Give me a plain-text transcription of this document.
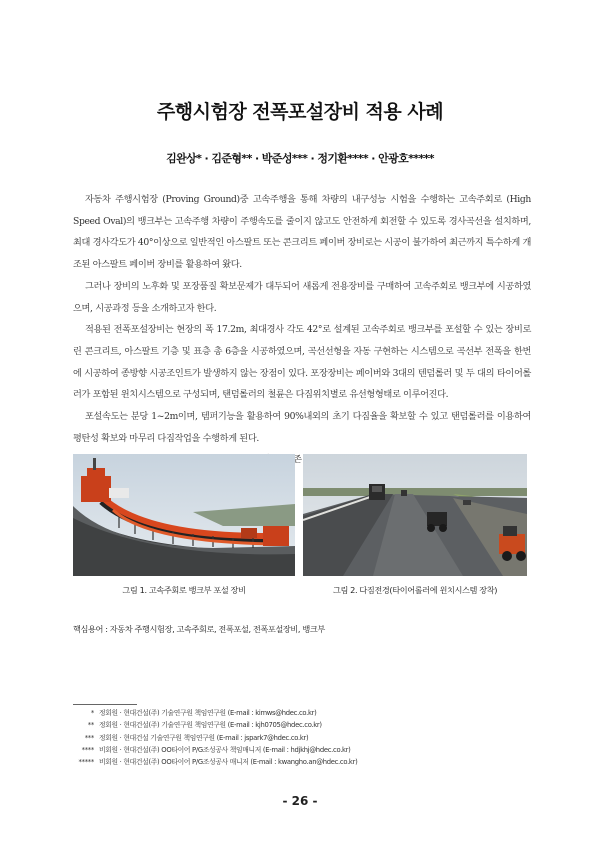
주행시험장 전폭포설장비 적용 사례
김완상* · 김준형** · 박준성*** · 정기환**** · 안광호*****

자동차 주행시험장 (Proving Ground)중 고속주행을 통해 차량의 내구성능 시험을 수행하는 고속주회로 (High Speed Oval)의 뱅크부는 고속주행 차량이 주행속도를 줄이지 않고도 안전하게 회전할 수 있도록 경사곡선을 설치하며, 최대 경사각도가 40°이상으로 일반적인 아스팔트 또는 콘크리트 페이버 장비로는 시공이 불가하여 최근까지 특수하게 개조된 아스팔트 페이버 장비를 활용하여 왔다.

그러나 장비의 노후화 및 포장품질 확보문제가 대두되어 새롭게 전용장비를 구매하여 고속주회로 뱅크부에 시공하였으며, 시공과정 등을 소개하고자 한다.

적용된 전폭포설장비는 현장의 폭 17.2m, 최대경사 각도 42°로 설계된 고속주회로 뱅크부를 포설할 수 있는 장비로 린 콘크리트, 아스팔트 기층 및 표층 총 6층을 시공하였으며, 곡선선형을 자동 구현하는 시스템으로 곡선부 전폭을 한번에 시공하여 종방향 시공조인트가 발생하지 않는 장점이 있다. 포장장비는 페이버와 3대의 텐덤롤러 및 두 대의 타이어롤러가 포함된 윈치시스템으로 구성되며, 탠덤롤러의 철륜은 다짐위치별로 유선형형태로 이루어진다.

포설속도는 분당 1~2m이며, 템퍼기능을 활용하여 90%내외의 초기 다짐율을 확보할 수 있고 탠덤롤러를 이용하여 평탄성 확보와 마무리 다짐작업을 수행하게 된다.

그림 1. 고속주회로 뱅크부 포설 장비	그림 2. 다짐전경(타이어롤러에 윈치시스템 장착)
핵심용어 : 자동차 주행시험장, 고속주회로, 전폭포설, 전폭포설장비, 뱅크부
* 정회원 · 현대건설(주) 기술연구원 책임연구원 (E-mail : kimws@hdec.co.kr)
** 정회원 · 현대건설(주) 기술연구원 책임연구원 (E-mail : kjh0705@hdec.co.kr)
*** 정회원 · 현대건설 기술연구원 책임연구원 (E-mail : jspark7@hdec.co.kr)
**** 비회원 · 현대건설(주) OO타이어 P/G조성공사 책임매니저 (E-mail : hdjkhj@hdec.co.kr)
***** 비회원 · 현대건설(주) OO타이어 P/G조성공사 매니저 (E-mail : kwangho.an@hdec.co.kr)
- 26 -
